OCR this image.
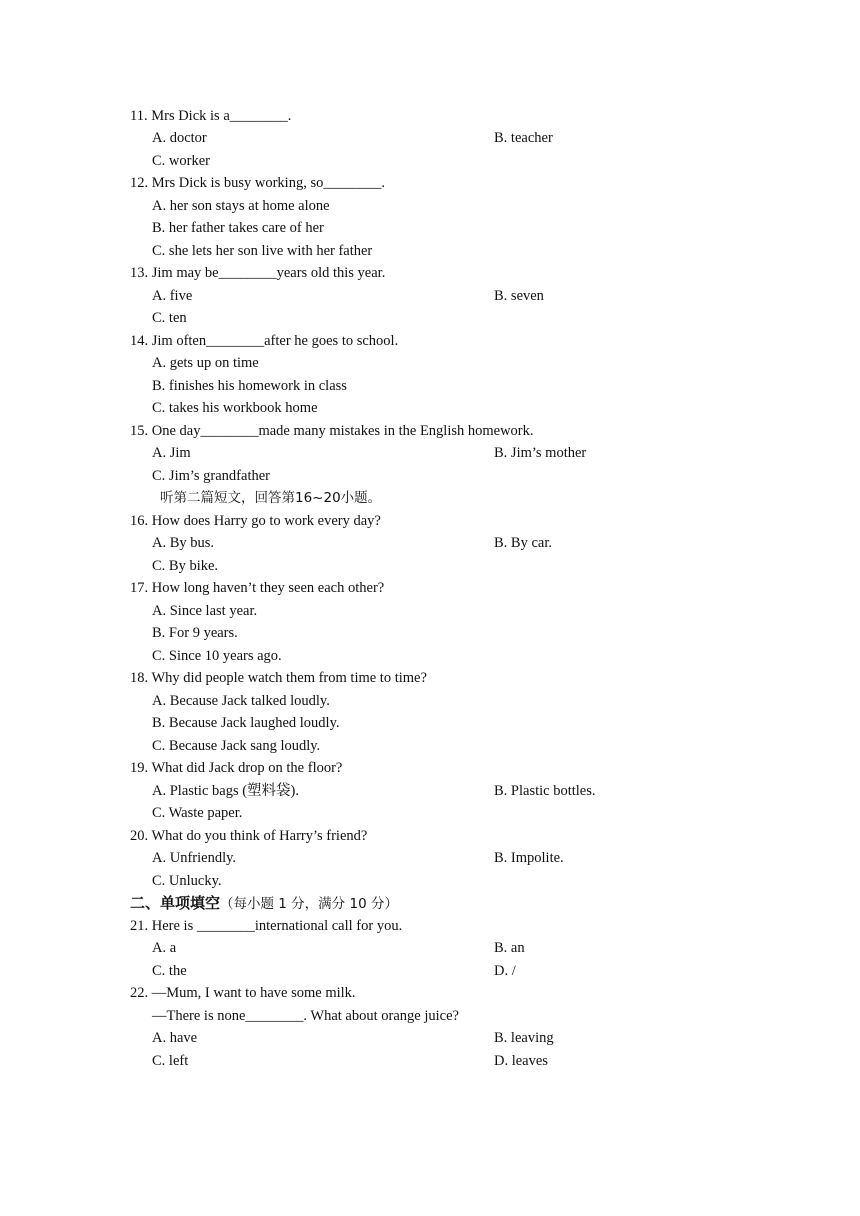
11. Mrs Dick is a________.
A. doctor	B. teacher
C. worker
12. Mrs Dick is busy working, so________.
A. her son stays at home alone
B. her father takes care of her
C. she lets her son live with her father
13. Jim may be________years old this year.
A. five	B. seven
C. ten
14. Jim often________after he goes to school.
A. gets up on time
B. finishes his homework in class
C. takes his workbook home
15. One day________made many mistakes in the English homework.
A. Jim	B. Jim’s mother
C. Jim’s grandfather
听第二篇短文，回答第16~20小题。
16. How does Harry go to work every day?
A. By bus.	B. By car.
C. By bike.
17. How long haven’t they seen each other?
A. Since last year.
B. For 9 years.
C. Since 10 years ago.
18. Why did people watch them from time to time?
A. Because Jack talked loudly.
B. Because Jack laughed loudly.
C. Because Jack sang loudly.
19. What did Jack drop on the floor?
A. Plastic bags (塑料袋).	B. Plastic bottles.
C. Waste paper.
20. What do you think of Harry’s friend?
A. Unfriendly.	B. Impolite.
C. Unlucky.
二、单项填空（每小题 1 分，满分 10 分）
21. Here is ________international call for you.
A. a	B. an
C. the	D. /
22. —Mum, I want to have some milk.
—There is none________. What about orange juice?
A. have	B. leaving
C. left	D. leaves
